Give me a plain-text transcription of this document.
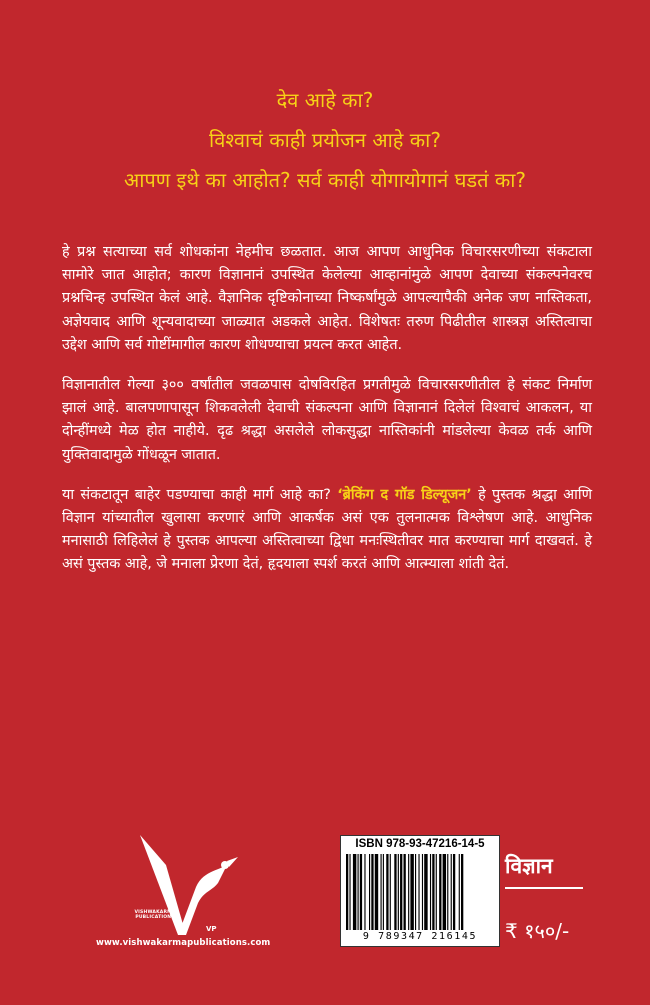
देव आहे का?
विश्वाचं काही प्रयोजन आहे का?
आपण इथे का आहोत? सर्व काही योगायोगानं घडतं का?

हे प्रश्न सत्याच्या सर्व शोधकांना नेहमीच छळतात. आज आपण आधुनिक विचारसरणीच्या संकटाला सामोरे जात आहोत; कारण विज्ञानानं उपस्थित केलेल्या आव्हानांमुळे आपण देवाच्या संकल्पनेवरच प्रश्नचिन्ह उपस्थित केलं आहे. वैज्ञानिक दृष्टिकोनाच्या निष्कर्षांमुळे आपल्यापैकी अनेक जण नास्तिकता, अज्ञेयवाद आणि शून्यवादाच्या जाळ्यात अडकले आहेत. विशेषतः तरुण पिढीतील शास्त्रज्ञ अस्तित्वाचा उद्देश आणि सर्व गोष्टींमागील कारण शोधण्याचा प्रयत्न करत आहेत.

विज्ञानातील गेल्या ३०० वर्षांतील जवळपास दोषविरहित प्रगतीमुळे विचारसरणीतील हे संकट निर्माण झालं आहे. बालपणापासून शिकवलेली देवाची संकल्पना आणि विज्ञानानं दिलेलं विश्वाचं आकलन, या दोन्हींमध्ये मेळ होत नाहीये. दृढ श्रद्धा असलेले लोकसुद्धा नास्तिकांनी मांडलेल्या केवळ तर्क आणि युक्तिवादामुळे गोंधळून जातात.

या संकटातून बाहेर पडण्याचा काही मार्ग आहे का? ‘ब्रेकिंग द गॉड डिल्यूजन’ हे पुस्तक श्रद्धा आणि विज्ञान यांच्यातील खुलासा करणारं आणि आकर्षक असं एक तुलनात्मक विश्लेषण आहे. आधुनिक मनासाठी लिहिलेलं हे पुस्तक आपल्या अस्तित्वाच्या द्विधा मनःस्थितीवर मात करण्याचा मार्ग दाखवतं. हे असं पुस्तक आहे, जे मनाला प्रेरणा देतं, हृदयाला स्पर्श करतं आणि आत्म्याला शांती देतं.

VISHWAKARMA PUBLICATIONS
VP
www.vishwakarmapublications.com
ISBN 978-93-47216-14-5
9 789347 216145
विज्ञान
₹ १५०/-
